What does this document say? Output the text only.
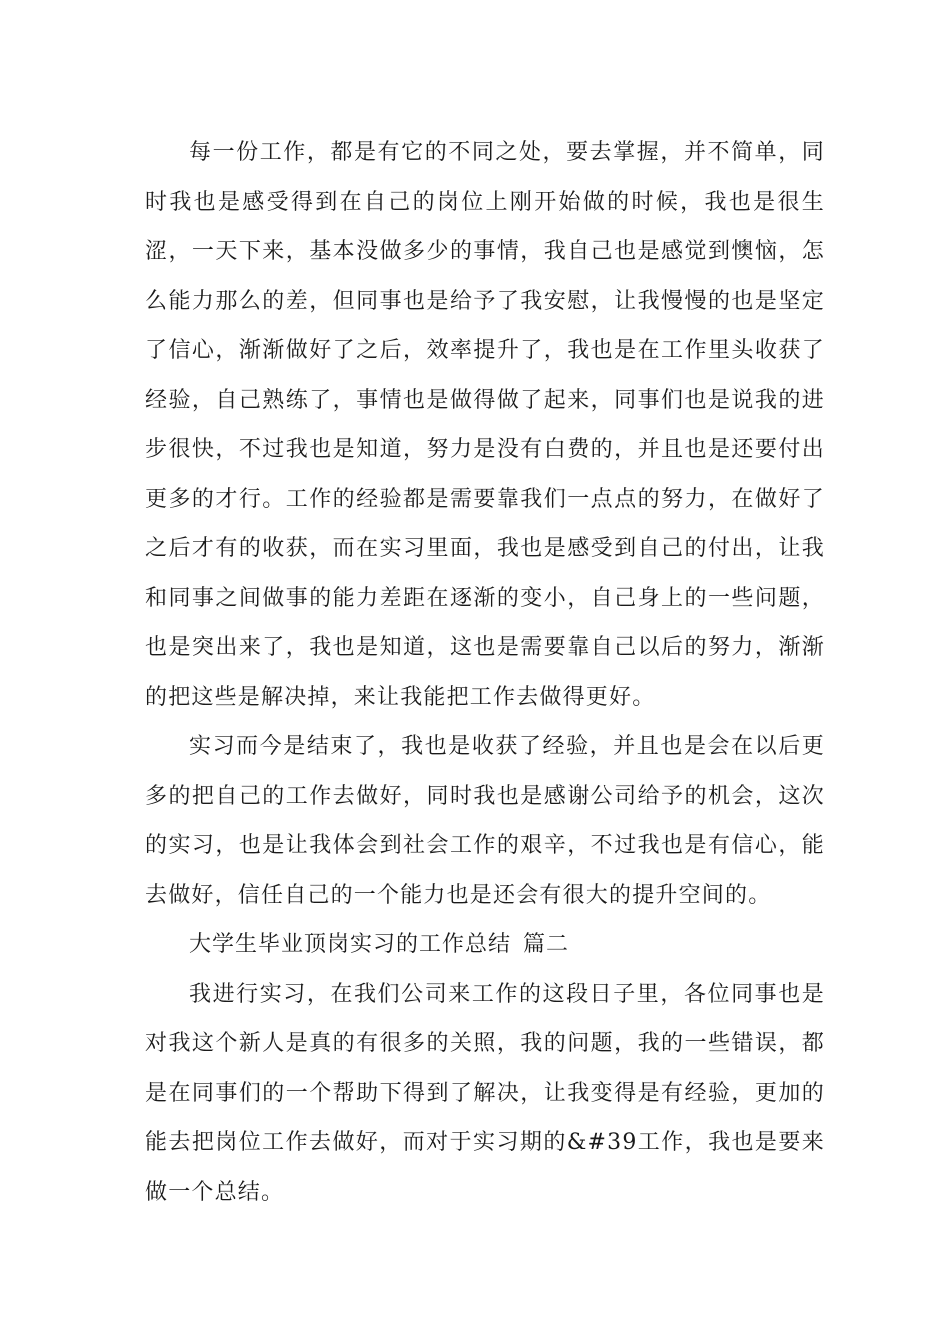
每一份工作，都是有它的不同之处，要去掌握，并不简单，同时我也是感受得到在自己的岗位上刚开始做的时候，我也是很生涩，一天下来，基本没做多少的事情，我自己也是感觉到懊恼，怎么能力那么的差，但同事也是给予了我安慰，让我慢慢的也是坚定了信心，渐渐做好了之后，效率提升了，我也是在工作里头收获了经验，自己熟练了，事情也是做得做了起来，同事们也是说我的进步很快，不过我也是知道，努力是没有白费的，并且也是还要付出更多的才行。工作的经验都是需要靠我们一点点的努力，在做好了之后才有的收获，而在实习里面，我也是感受到自己的付出，让我和同事之间做事的能力差距在逐渐的变小，自己身上的一些问题，也是突出来了，我也是知道，这也是需要靠自己以后的努力，渐渐的把这些是解决掉，来让我能把工作去做得更好。

实习而今是结束了，我也是收获了经验，并且也是会在以后更多的把自己的工作去做好，同时我也是感谢公司给予的机会，这次的实习，也是让我体会到社会工作的艰辛，不过我也是有信心，能去做好，信任自己的一个能力也是还会有很大的提升空间的。

大学生毕业顶岗实习的工作总结 篇二

我进行实习，在我们公司来工作的这段日子里，各位同事也是对我这个新人是真的有很多的关照，我的问题，我的一些错误，都是在同事们的一个帮助下得到了解决，让我变得是有经验，更加的能去把岗位工作去做好，而对于实习期的&#39工作，我也是要来做一个总结。
